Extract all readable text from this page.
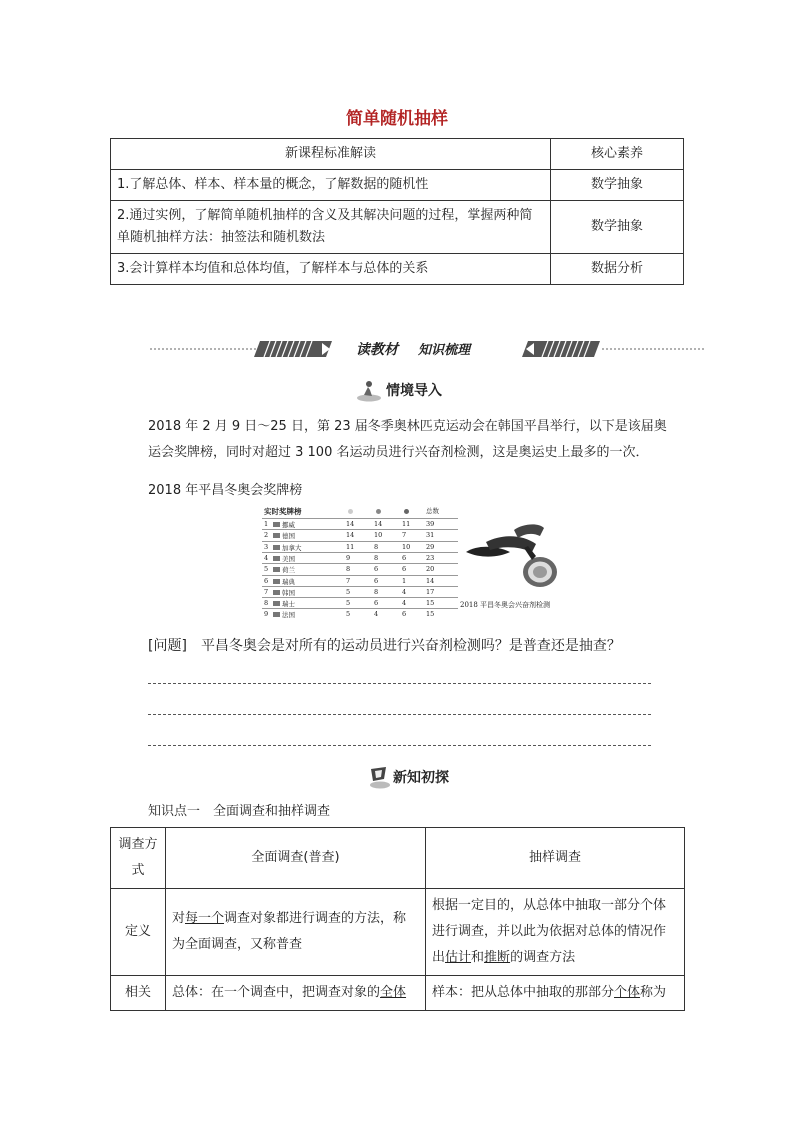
简单随机抽样
新课程标准解读	核心素养
1.了解总体、样本、样本量的概念，了解数据的随机性	数学抽象
2.通过实例，了解简单随机抽样的含义及其解决问题的过程，掌握两种简单随机抽样方法：抽签法和随机数法	数学抽象
3.会计算样本均值和总体均值，了解样本与总体的关系	数据分析
读教材 知识梳理
情境导入
2018 年 2 月 9 日～25 日，第 23 届冬季奥林匹克运动会在韩国平昌举行，以下是该届奥运会奖牌榜，同时对超过 3 100 名运动员进行兴奋剂检测，这是奥运史上最多的一次．
2018 年平昌冬奥会奖牌榜
实时奖牌榜	总数
1	挪威	14	14	11	39
2	德国	14	10	7	31
3	加拿大	11	8	10	29
4	美国	9	8	6	23
5	荷兰	8	6	6	20
6	瑞典	7	6	1	14
7	韩国	5	8	4	17
8	瑞士	5	6	4	15
9	法国	5	4	6	15
2018 平昌冬奥会兴奋剂检测
[问题] 平昌冬奥会是对所有的运动员进行兴奋剂检测吗？是普查还是抽查？
新知初探
知识点一　全面调查和抽样调查
调查方式	全面调查(普查)	抽样调查
定义	对每一个调查对象都进行调查的方法，称为全面调查，又称普查	根据一定目的，从总体中抽取一部分个体进行调查，并以此为依据对总体的情况作出估计和推断的调查方法
相关	总体：在一个调查中，把调查对象的全体	样本：把从总体中抽取的那部分个体称为
